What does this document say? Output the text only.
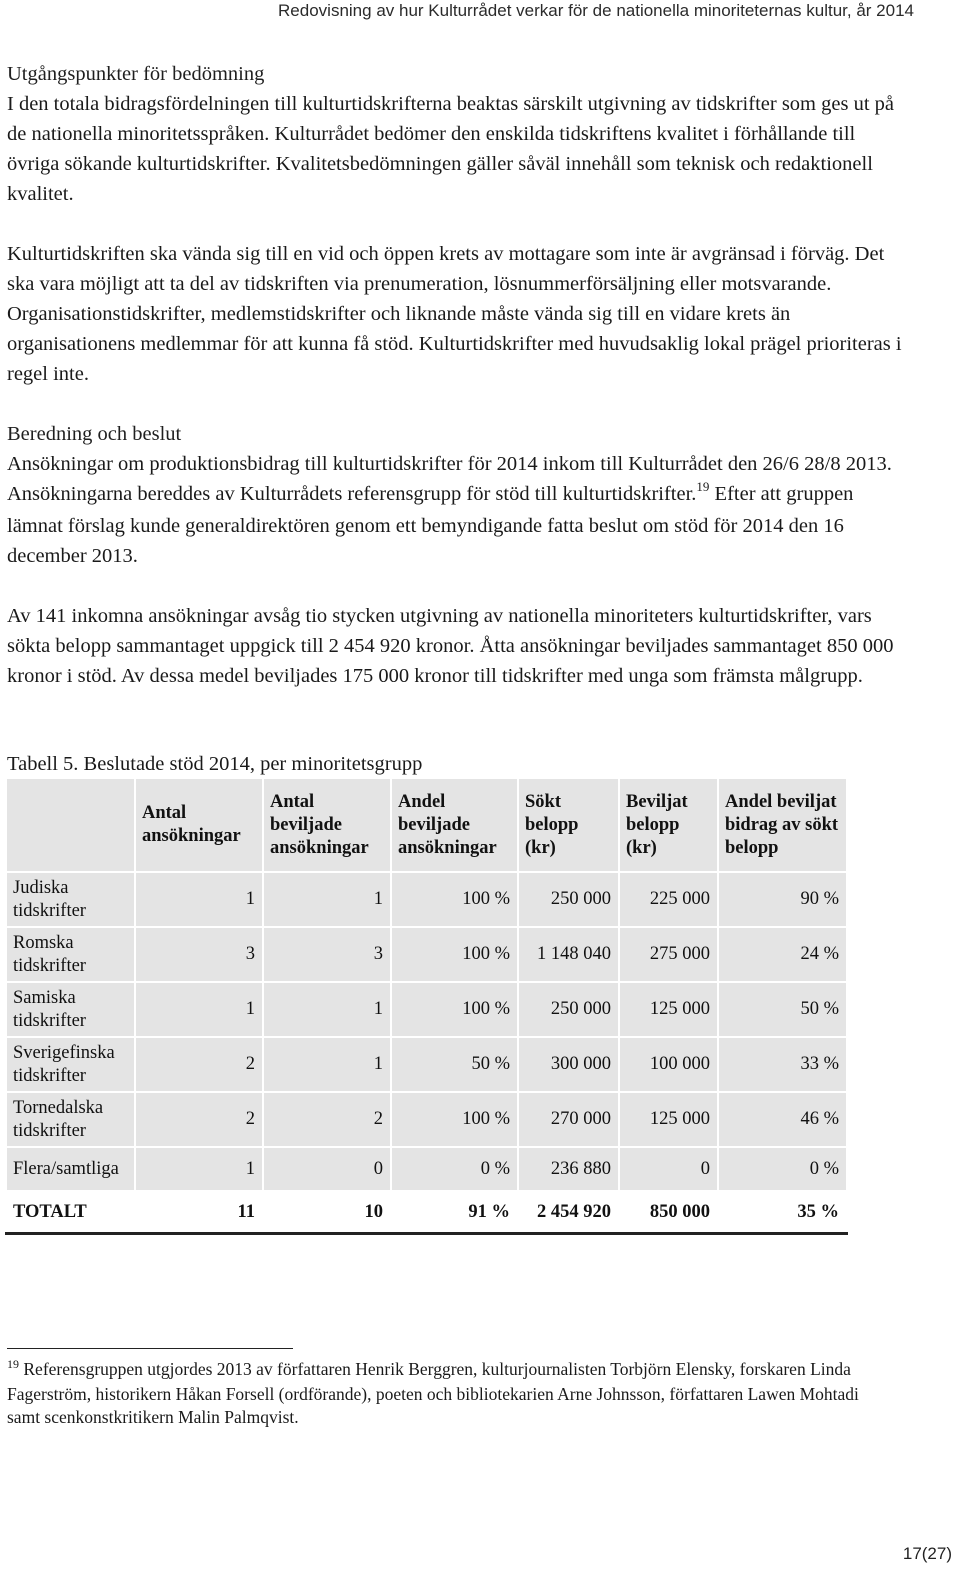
Redovisning av hur Kulturrådet verkar för de nationella minoriteternas kultur, år 2014

Utgångspunkter för bedömning

I den totala bidragsfördelningen till kulturtidskrifterna beaktas särskilt utgivning av tidskrifter som ges ut på de nationella minoritetsspråken. Kulturrådet bedömer den enskilda tidskriftens kvalitet i förhållande till övriga sökande kulturtidskrifter. Kvalitetsbedömningen gäller såväl innehåll som teknisk och redaktionell kvalitet.

Kulturtidskriften ska vända sig till en vid och öppen krets av mottagare som inte är avgränsad i förväg. Det ska vara möjligt att ta del av tidskriften via prenumeration, lösnummerförsäljning eller motsvarande. Organisationstidskrifter, medlemstidskrifter och liknande måste vända sig till en vidare krets än organisationens medlemmar för att kunna få stöd. Kulturtidskrifter med huvudsaklig lokal prägel prioriteras i regel inte.

Beredning och beslut

Ansökningar om produktionsbidrag till kulturtidskrifter för 2014 inkom till Kulturrådet den 26/6 28/8 2013. Ansökningarna bereddes av Kulturrådets referensgrupp för stöd till kulturtidskrifter.$^{19}$ Efter att gruppen lämnat förslag kunde generaldirektören genom ett bemyndigande fatta beslut om stöd för 2014 den 16 december 2013.

Av 141 inkomna ansökningar avsåg tio stycken utgivning av nationella minoriteters kulturtidskrifter, vars sökta belopp sammantaget uppgick till 2 454 920 kronor. Åtta ansökningar beviljades sammantaget 850 000 kronor i stöd. Av dessa medel beviljades 175 000 kronor till tidskrifter med unga som främsta målgrupp.

Tabell 5. Beslutade stöd 2014, per minoritetsgrupp
	Antal ansökningar	Antal beviljade ansökningar	Andel beviljade ansökningar	Sökt belopp (kr)	Beviljat belopp (kr)	Andel beviljat bidrag av sökt belopp
Judiska tidskrifter	1	1	100 %	250 000	225 000	90 %
Romska tidskrifter	3	3	100 %	1 148 040	275 000	24 %
Samiska tidskrifter	1	1	100 %	250 000	125 000	50 %
Sverigefinska tidskrifter	2	1	50 %	300 000	100 000	33 %
Tornedalska tidskrifter	2	2	100 %	270 000	125 000	46 %
Flera/samtliga	1	0	0 %	236 880	0	0 %
TOTALT	11	10	91 %	2 454 920	850 000	35 %
$^{19}$ Referensgruppen utgjordes 2013 av författaren Henrik Berggren, kulturjournalisten Torbjörn Elensky, forskaren Linda Fagerström, historikern Håkan Forsell (ordförande), poeten och bibliotekarien Arne Johnsson, författaren Lawen Mohtadi samt scenkonstkritikern Malin Palmqvist.
17(27)
